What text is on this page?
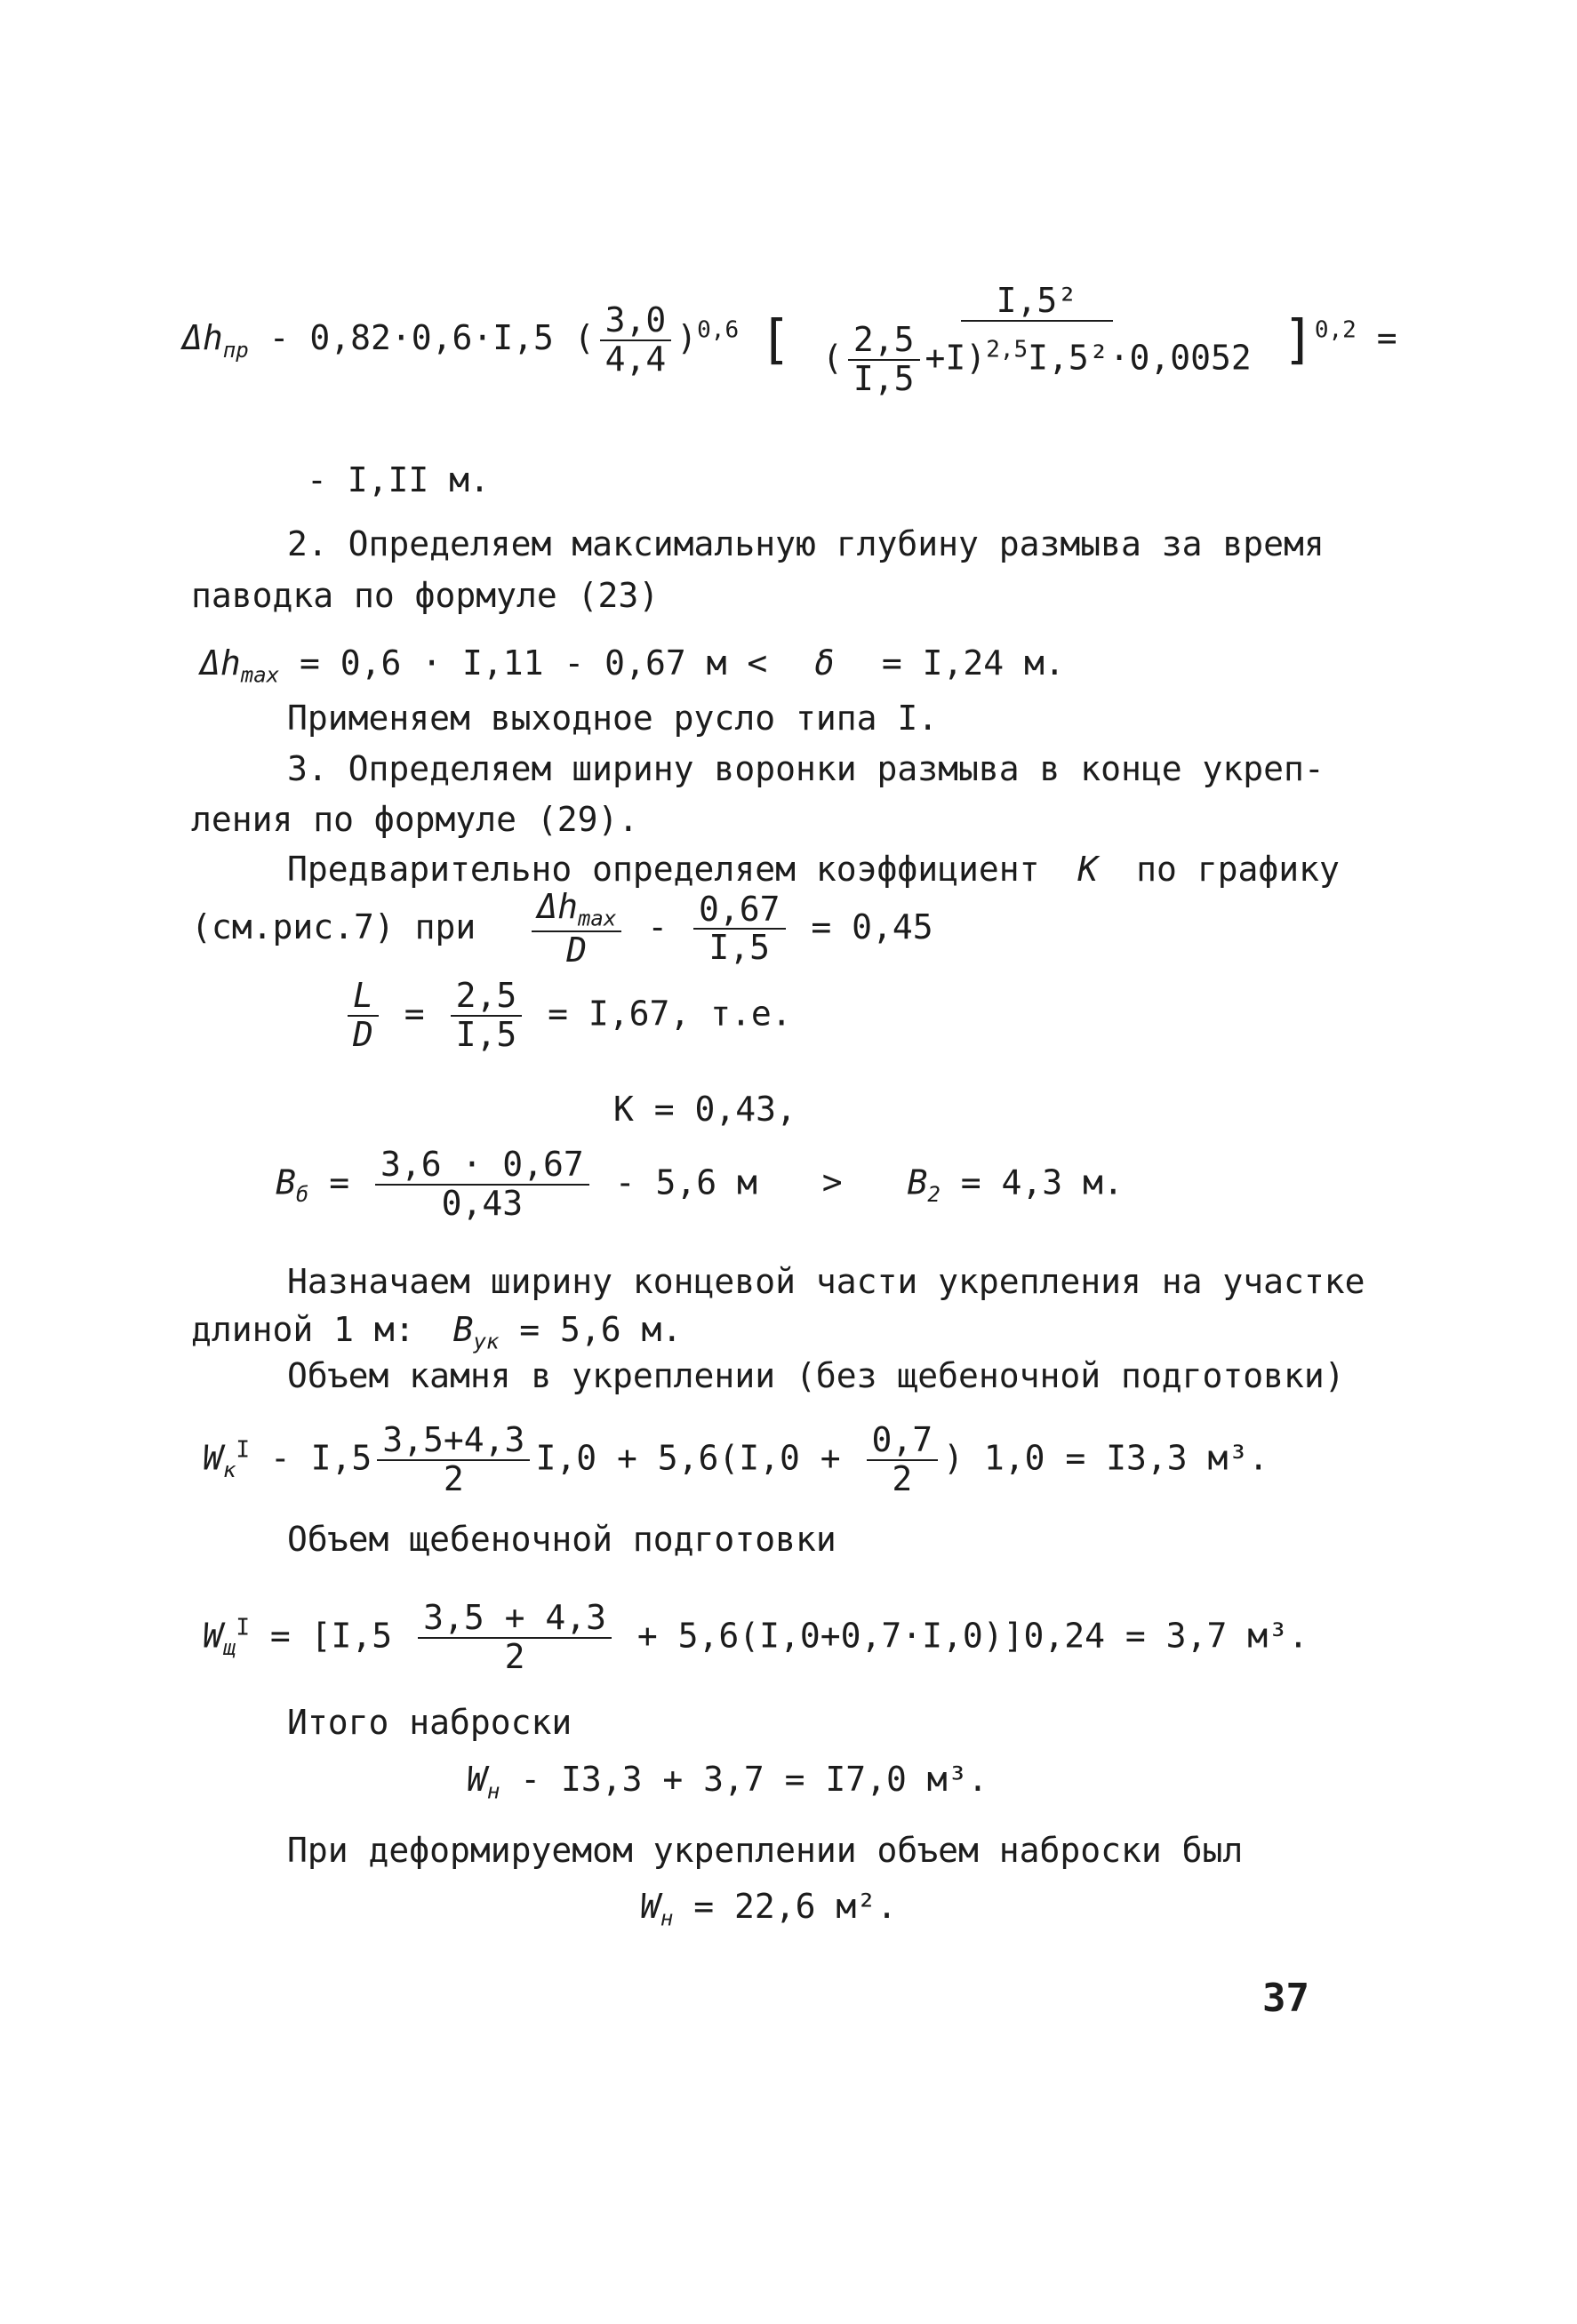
$\Delta h_{пр} - 0,82\cdot 0,6\cdot I,5$ ( $\frac{3,0}{4,4} )^{0,6}$ [ $\frac{\text{I,5²}}{( \frac{2,5}{I,5} +I)^{2,5}I,5^2\cdot 0,0052} ]^{0,2}$ =
- I,II м.
2. Определяем максимальную глубину размыва за время
паводка по формуле (23)
$\Delta h_{max} = 0,6 \cdot I,11 - 0,67$ м < δ = I,24 м.
Применяем выходное русло типа I.
3. Определяем ширину воронки размыва в конце укреп-
ления по формуле (29).
Предварительно определяем коэффициент K по графику
(см.рис.7) при $\frac{\Delta h_{max}}{D} - \frac{0,67}{I,5} = 0,45$
$\frac{L}{D} = \frac{2,5}{I,5} = I,67$, т.е.
K = 0,43,
$B_б = \frac{3,6 \cdot 0,67}{0,43} - 5,6$ $м > B_2 = 4,3$ м.
Назначаем ширину концевой части укрепления на участке
длиной 1 м: $B_{ук} = 5,6$ м.
Объем камня в укреплении (без щебеночной подготовки)
$W_к^I - I,5 \frac{3,5+4,3}{2} I,0 + 5,6(I,0 + \frac{0,7}{2}$ ) 1,0 = I3,3 м³.
Объем щебеночной подготовки
$W_щ^I = [I,5 \frac{3,5 + 4,3}{2} + 5,6(I,0+0,7\cdot I,0)]0,24 = 3,7$ м³.
Итого наброски
$W_н - I3,3 + 3,7 = I7,0$ м³.
При деформируемом укреплении объем наброски был
$W_н = 22,6$ м².
37
